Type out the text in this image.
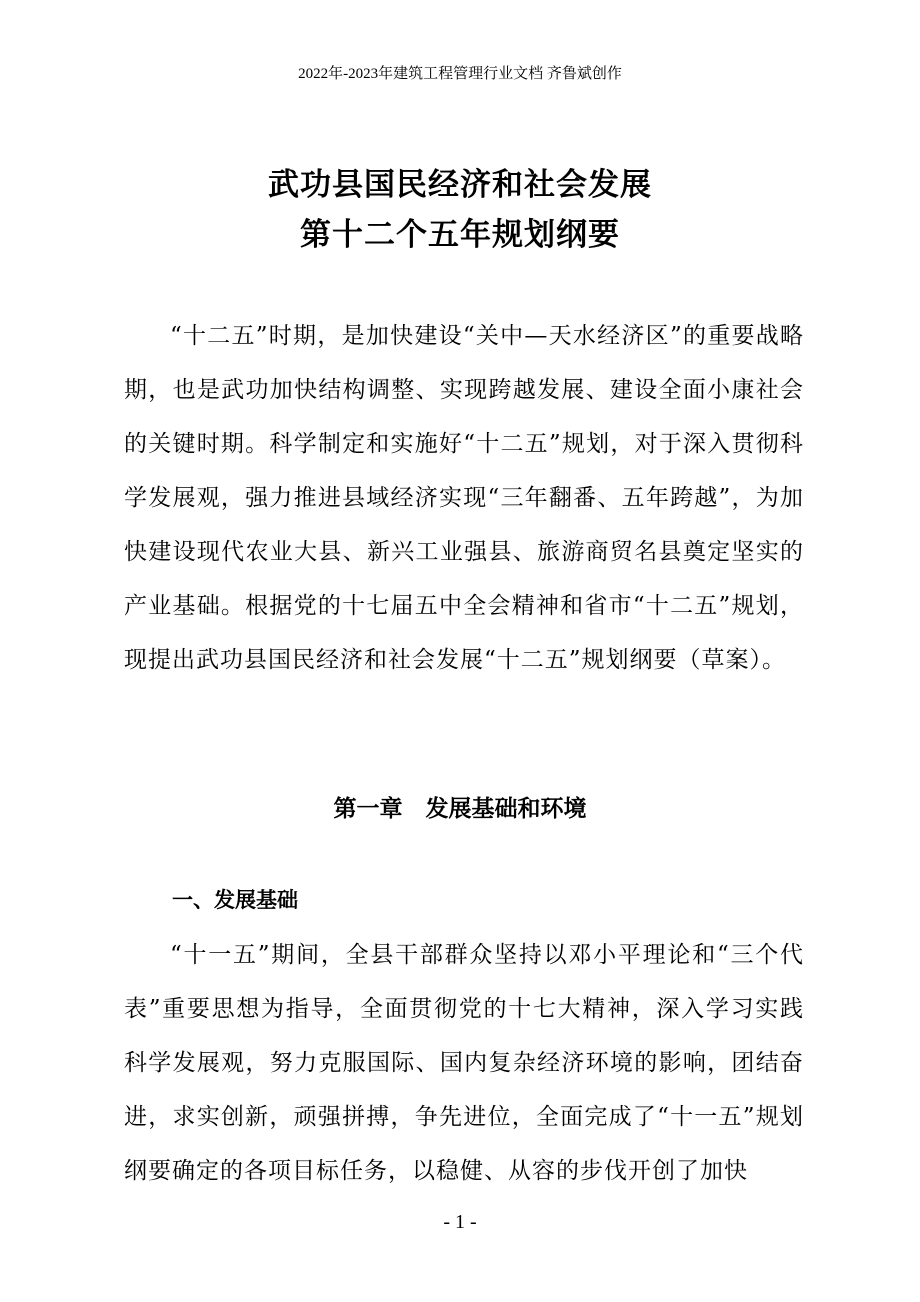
2022年-2023年建筑工程管理行业文档 齐鲁斌创作
武功县国民经济和社会发展
第十二个五年规划纲要

“十二五”时期，是加快建设“关中—天水经济区”的重要战略期，也是武功加快结构调整、实现跨越发展、建设全面小康社会的关键时期。科学制定和实施好“十二五”规划，对于深入贯彻科学发展观，强力推进县域经济实现“三年翻番、五年跨越”，为加快建设现代农业大县、新兴工业强县、旅游商贸名县奠定坚实的产业基础。根据党的十七届五中全会精神和省市“十二五”规划，现提出武功县国民经济和社会发展“十二五”规划纲要（草案）。

第一章　发展基础和环境
一、发展基础

“十一五”期间，全县干部群众坚持以邓小平理论和“三个代表”重要思想为指导，全面贯彻党的十七大精神，深入学习实践科学发展观，努力克服国际、国内复杂经济环境的影响，团结奋进，求实创新，顽强拼搏，争先进位，全面完成了“十一五”规划纲要确定的各项目标任务，以稳健、从容的步伐开创了加快

- 1 -
